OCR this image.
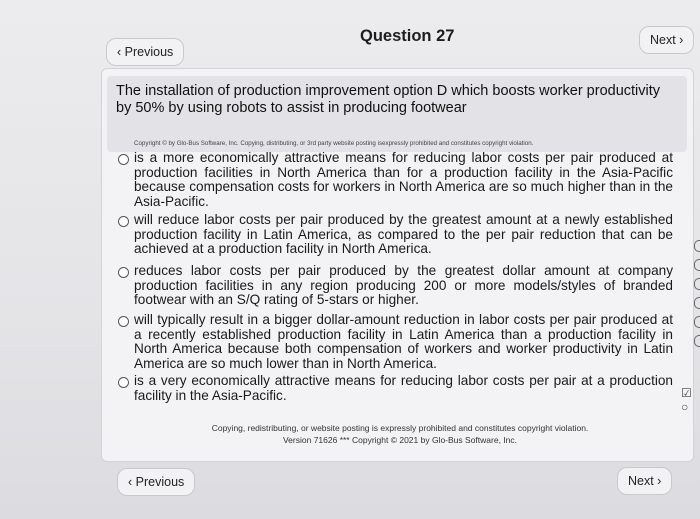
‹ Previous
Question 27	Next ›
The installation of production improvement option D which boosts worker productivity by 50% by using robots to assist in producing footwear
Copyright © by Glo-Bus Software, Inc. Copying, distributing, or 3rd party website posting isexpressly prohibited and constitutes copyright violation.
is a more economically attractive means for reducing labor costs per pair produced at production facilities in North America than for a production facility in the Asia-Pacific because compensation costs for workers in North America are so much higher than in the Asia-Pacific.
will reduce labor costs per pair produced by the greatest amount at a newly established production facility in Latin America, as compared to the per pair reduction that can be achieved at a production facility in North America.
reduces labor costs per pair produced by the greatest dollar amount at company production facilities in any region producing 200 or more models/styles of branded footwear with an S/Q rating of 5-stars or higher.
will typically result in a bigger dollar-amount reduction in labor costs per pair produced at a recently established production facility in Latin America than a production facility in North America because both compensation of workers and worker productivity in Latin America are so much lower than in North America.
is a very economically attractive means for reducing labor costs per pair at a production facility in the Asia-Pacific.
Copying, redistributing, or website posting is expressly prohibited and constitutes copyright violation.
Version 71626 *** Copyright © 2021 by Glo-Bus Software, Inc.
‹ Previous	Next ›
☑
○
